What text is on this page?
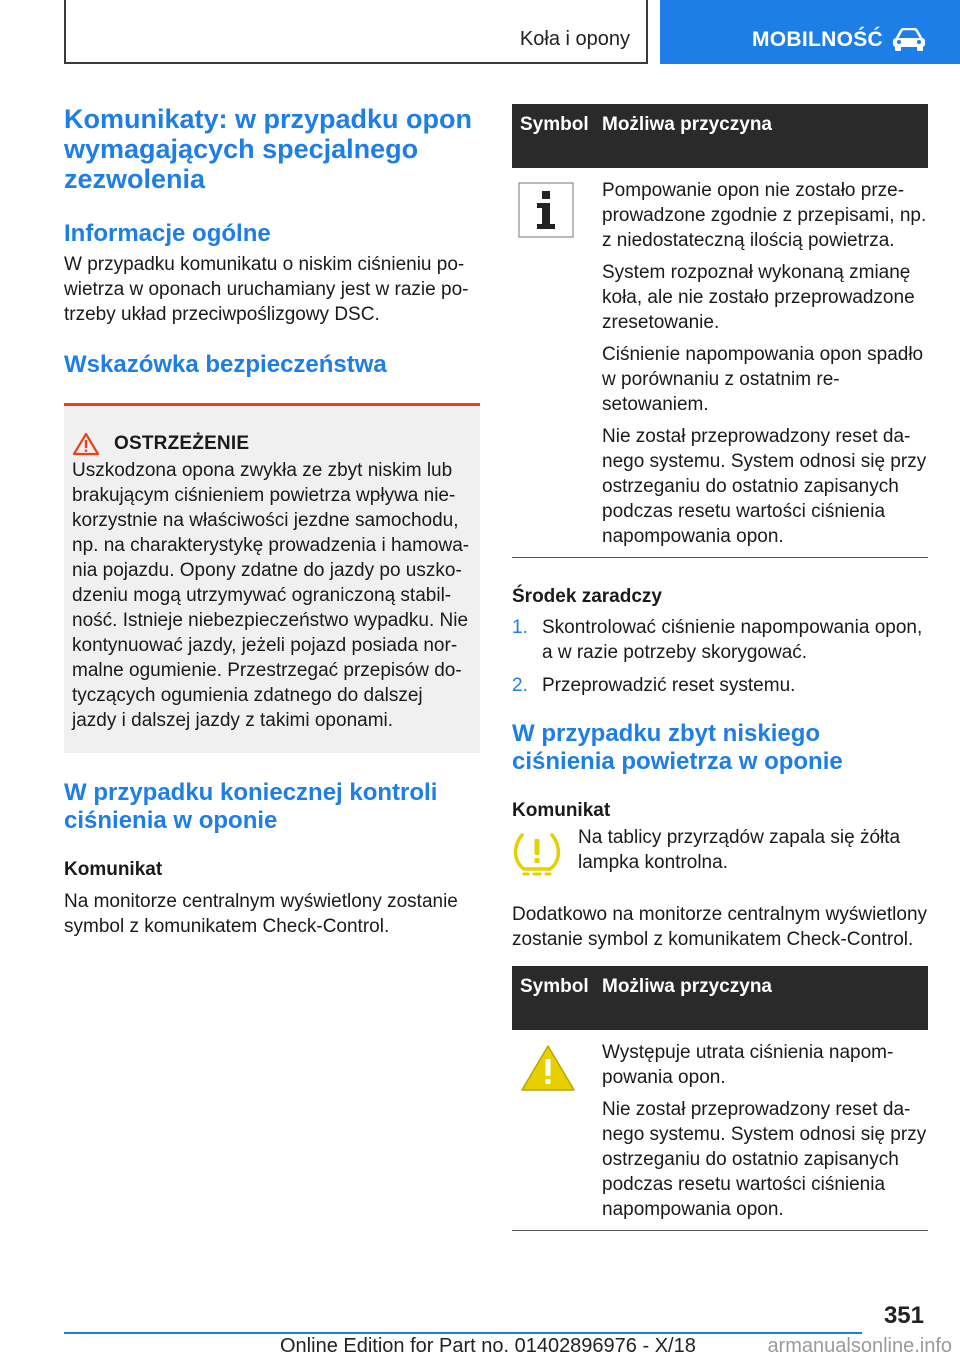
Koła i opony	MOBILNOŚĆ
Komunikaty: w przypadku opon wymagających specjalnego zezwolenia
Informacje ogólne

W przypadku komunikatu o niskim ciśnieniu powietrza w oponach uruchamiany jest w razie potrzeby układ przeciwpoślizgowy DSC.

Wskazówka bezpieczeństwa
OSTRZEŻENIE

Uszkodzona opona zwykła ze zbyt niskim lub brakującym ciśnieniem powietrza wpływa niekorzystnie na właściwości jezdne samochodu, np. na charakterystykę prowadzenia i hamowania pojazdu. Opony zdatne do jazdy po uszkodzeniu mogą utrzymywać ograniczoną stabilność. Istnieje niebezpieczeństwo wypadku. Nie kontynuować jazdy, jeżeli pojazd posiada normalne ogumienie. Przestrzegać przepisów dotyczących ogumienia zdatnego do dalszej jazdy i dalszej jazdy z takimi oponami.

W przypadku koniecznej kontroli ciśnienia w oponie

Komunikat

Na monitorze centralnym wyświetlony zostanie symbol z komunikatem Check-Control.

Symbol Możliwa przyczyna

Pompowanie opon nie zostało przeprowadzone zgodnie z przepisami, np. z niedostateczną ilością powietrza.

System rozpoznał wykonaną zmianę koła, ale nie zostało przeprowadzone zresetowanie.

Ciśnienie napompowania opon spadło w porównaniu z ostatnim resetowaniem.

Nie został przeprowadzony reset danego systemu. System odnosi się przy ostrzeganiu do ostatnio zapisanych podczas resetu wartości ciśnienia napompowania opon.

Środek zaradczy

1. Skontrolować ciśnienie napompowania opon, a w razie potrzeby skorygować.
2. Przeprowadzić reset systemu.
W przypadku zbyt niskiego ciśnienia powietrza w oponie

Komunikat

Na tablicy przyrządów zapala się żółta lampka kontrolna.

Dodatkowo na monitorze centralnym wyświetlony zostanie symbol z komunikatem Check-Control.

Symbol Możliwa przyczyna

Występuje utrata ciśnienia napompowania opon.

Nie został przeprowadzony reset danego systemu. System odnosi się przy ostrzeganiu do ostatnio zapisanych podczas resetu wartości ciśnienia napompowania opon.

351
Online Edition for Part no. 01402896976 - X/18	armanualsonline.info
